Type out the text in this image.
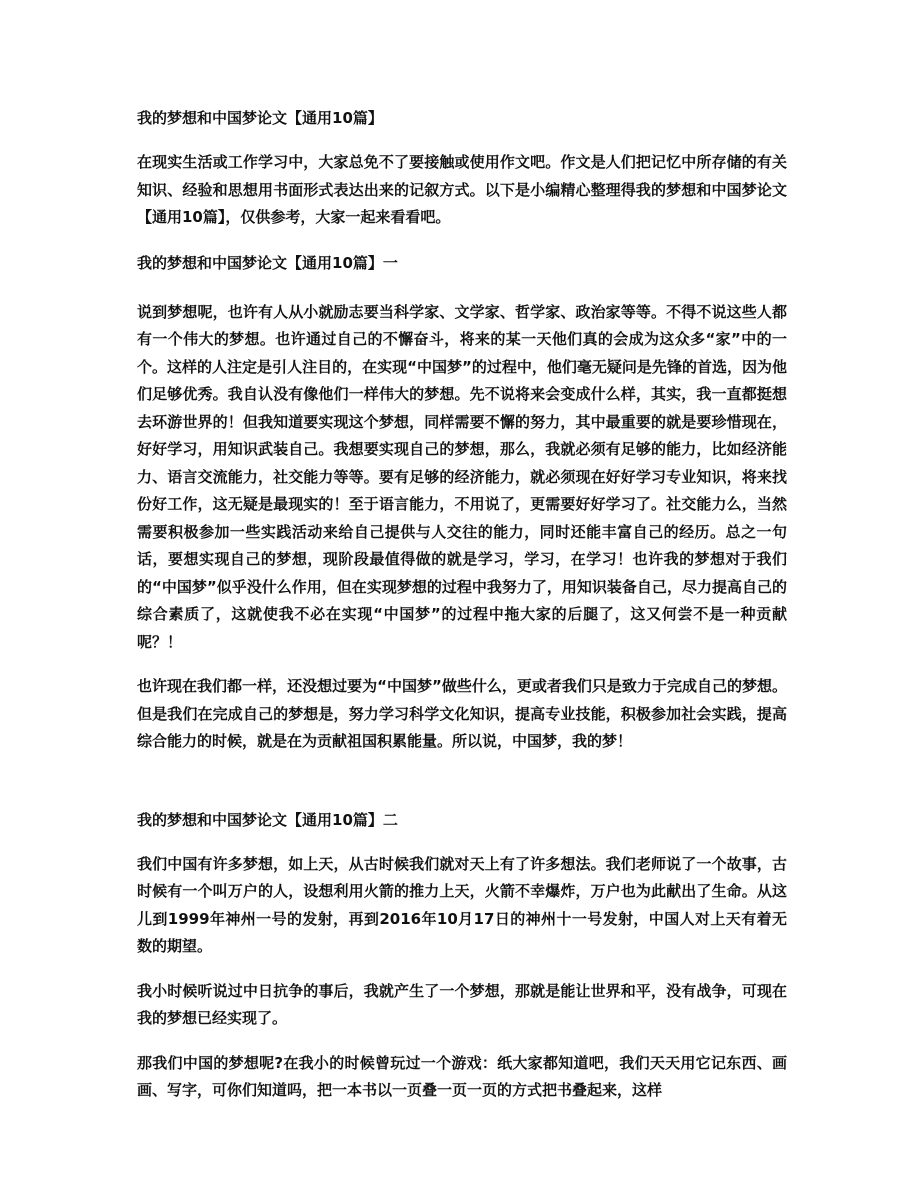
我的梦想和中国梦论文【通用10篇】

在现实生活或工作学习中，大家总免不了要接触或使用作文吧。作文是人们把记忆中所存储的有关知识、经验和思想用书面形式表达出来的记叙方式。以下是小编精心整理得我的梦想和中国梦论文【通用10篇】，仅供参考，大家一起来看看吧。

我的梦想和中国梦论文【通用10篇】一

说到梦想呢，也许有人从小就励志要当科学家、文学家、哲学家、政治家等等。不得不说这些人都有一个伟大的梦想。也许通过自己的不懈奋斗，将来的某一天他们真的会成为这众多“家”中的一个。这样的人注定是引人注目的，在实现“中国梦”的过程中，他们毫无疑问是先锋的首选，因为他们足够优秀。我自认没有像他们一样伟大的梦想。先不说将来会变成什么样，其实，我一直都挺想去环游世界的！但我知道要实现这个梦想，同样需要不懈的努力，其中最重要的就是要珍惜现在，好好学习，用知识武装自己。我想要实现自己的梦想，那么，我就必须有足够的能力，比如经济能力、语言交流能力，社交能力等等。要有足够的经济能力，就必须现在好好学习专业知识，将来找份好工作，这无疑是最现实的！至于语言能力，不用说了，更需要好好学习了。社交能力么，当然需要积极参加一些实践活动来给自己提供与人交往的能力，同时还能丰富自己的经历。总之一句话，要想实现自己的梦想，现阶段最值得做的就是学习，学习，在学习！也许我的梦想对于我们的“中国梦”似乎没什么作用，但在实现梦想的过程中我努力了，用知识装备自己，尽力提高自己的综合素质了，这就使我不必在实现“中国梦”的过程中拖大家的后腿了，这又何尝不是一种贡献呢？！

也许现在我们都一样，还没想过要为“中国梦”做些什么，更或者我们只是致力于完成自己的梦想。但是我们在完成自己的梦想是，努力学习科学文化知识，提高专业技能，积极参加社会实践，提高综合能力的时候，就是在为贡献祖国积累能量。所以说，中国梦，我的梦！

我的梦想和中国梦论文【通用10篇】二

我们中国有许多梦想，如上天，从古时候我们就对天上有了许多想法。我们老师说了一个故事，古时候有一个叫万户的人，设想利用火箭的推力上天，火箭不幸爆炸，万户也为此献出了生命。从这儿到1999年神州一号的发射，再到2016年10月17日的神州十一号发射，中国人对上天有着无数的期望。

我小时候听说过中日抗争的事后，我就产生了一个梦想，那就是能让世界和平，没有战争，可现在我的梦想已经实现了。

那我们中国的梦想呢?在我小的时候曾玩过一个游戏：纸大家都知道吧，我们天天用它记东西、画画、写字，可你们知道吗，把一本书以一页叠一页一页的方式把书叠起来，这样
